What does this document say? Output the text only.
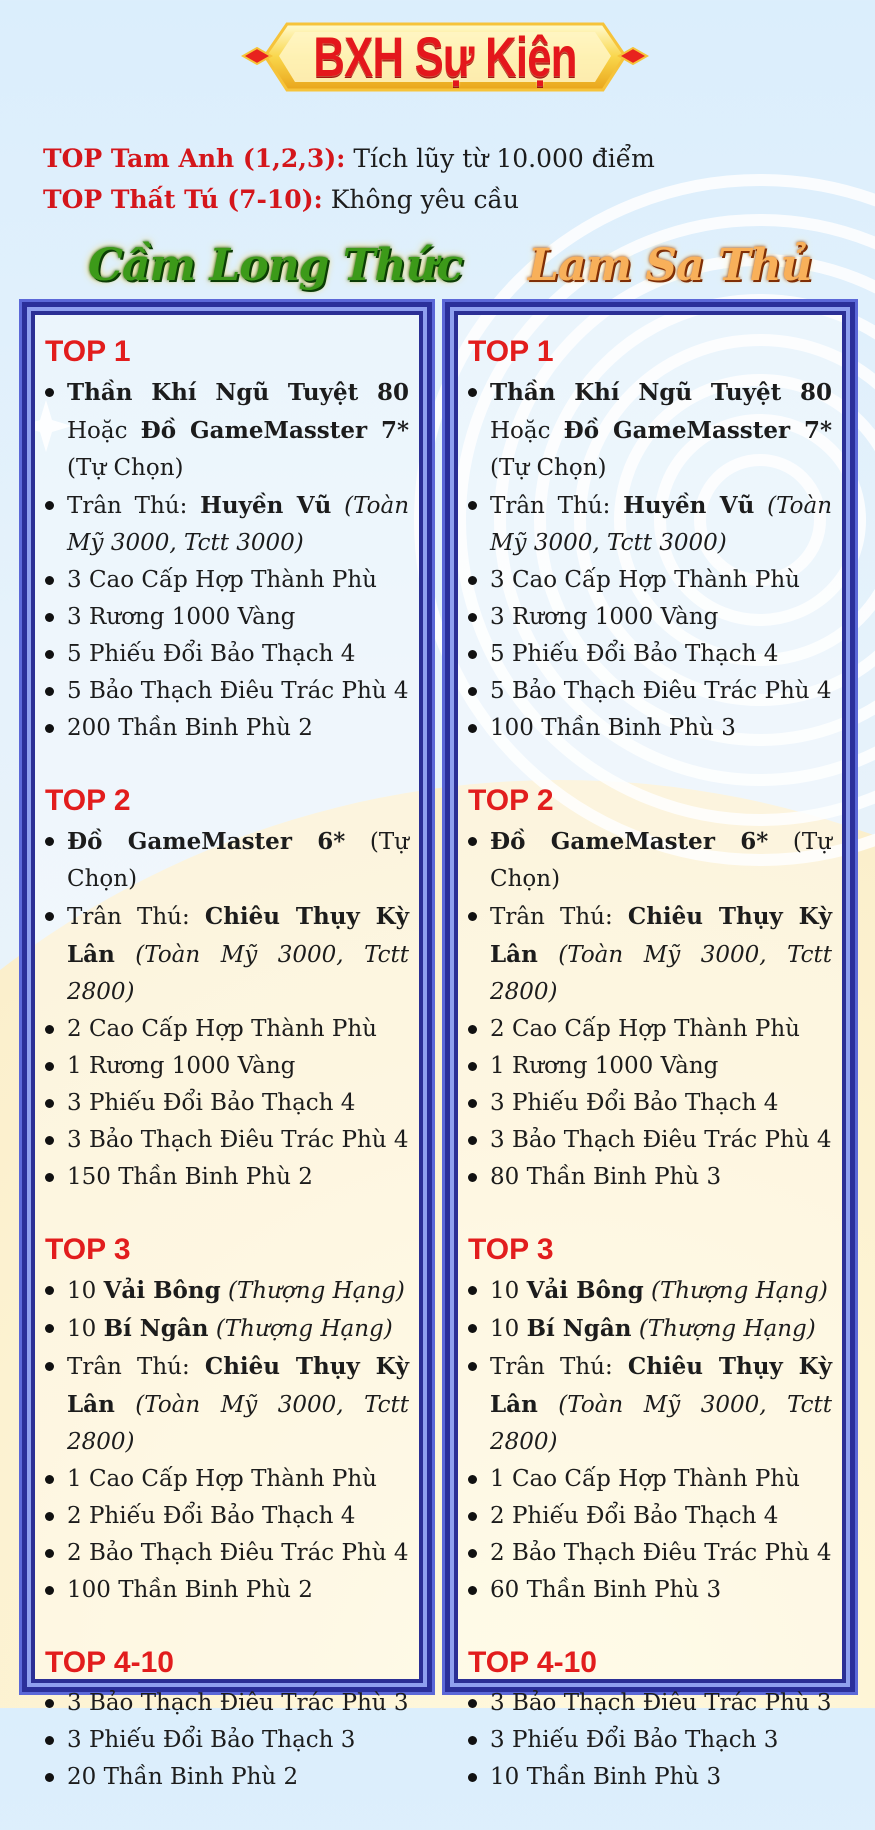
BXH Sự Kiện
TOP Tam Anh (1,2,3): Tích lũy từ 10.000 điểm
TOP Thất Tú (7-10): Không yêu cầu
Cầm Long Thức Lam Sa Thủ
TOP 1
Thần Khí Ngũ Tuyệt 80 Hoặc Đồ GameMasster 7* (Tự Chọn)
Trân Thú: Huyền Vũ (Toàn Mỹ 3000, Tctt 3000)
3 Cao Cấp Hợp Thành Phù
3 Rương 1000 Vàng
5 Phiếu Đổi Bảo Thạch 4
5 Bảo Thạch Điêu Trác Phù 4
200 Thần Binh Phù 2
TOP 2
Đồ GameMaster 6* (Tự Chọn)
Trân Thú: Chiêu Thụy Kỳ Lân (Toàn Mỹ 3000, Tctt 2800)
2 Cao Cấp Hợp Thành Phù
1 Rương 1000 Vàng
3 Phiếu Đổi Bảo Thạch 4
3 Bảo Thạch Điêu Trác Phù 4
150 Thần Binh Phù 2
TOP 3
10 Vải Bông (Thượng Hạng)
10 Bí Ngân (Thượng Hạng)
Trân Thú: Chiêu Thụy Kỳ Lân (Toàn Mỹ 3000, Tctt 2800)
1 Cao Cấp Hợp Thành Phù
2 Phiếu Đổi Bảo Thạch 4
2 Bảo Thạch Điêu Trác Phù 4
100 Thần Binh Phù 2
TOP 4-10
3 Bảo Thạch Điêu Trác Phù 3
3 Phiếu Đổi Bảo Thạch 3
20 Thần Binh Phù 2
TOP 1
Thần Khí Ngũ Tuyệt 80 Hoặc Đồ GameMasster 7* (Tự Chọn)
Trân Thú: Huyền Vũ (Toàn Mỹ 3000, Tctt 3000)
3 Cao Cấp Hợp Thành Phù
3 Rương 1000 Vàng
5 Phiếu Đổi Bảo Thạch 4
5 Bảo Thạch Điêu Trác Phù 4
100 Thần Binh Phù 3
TOP 2
Đồ GameMaster 6* (Tự Chọn)
Trân Thú: Chiêu Thụy Kỳ Lân (Toàn Mỹ 3000, Tctt 2800)
2 Cao Cấp Hợp Thành Phù
1 Rương 1000 Vàng
3 Phiếu Đổi Bảo Thạch 4
3 Bảo Thạch Điêu Trác Phù 4
80 Thần Binh Phù 3
TOP 3
10 Vải Bông (Thượng Hạng)
10 Bí Ngân (Thượng Hạng)
Trân Thú: Chiêu Thụy Kỳ Lân (Toàn Mỹ 3000, Tctt 2800)
1 Cao Cấp Hợp Thành Phù
2 Phiếu Đổi Bảo Thạch 4
2 Bảo Thạch Điêu Trác Phù 4
60 Thần Binh Phù 3
TOP 4-10
3 Bảo Thạch Điêu Trác Phù 3
3 Phiếu Đổi Bảo Thạch 3
10 Thần Binh Phù 3
